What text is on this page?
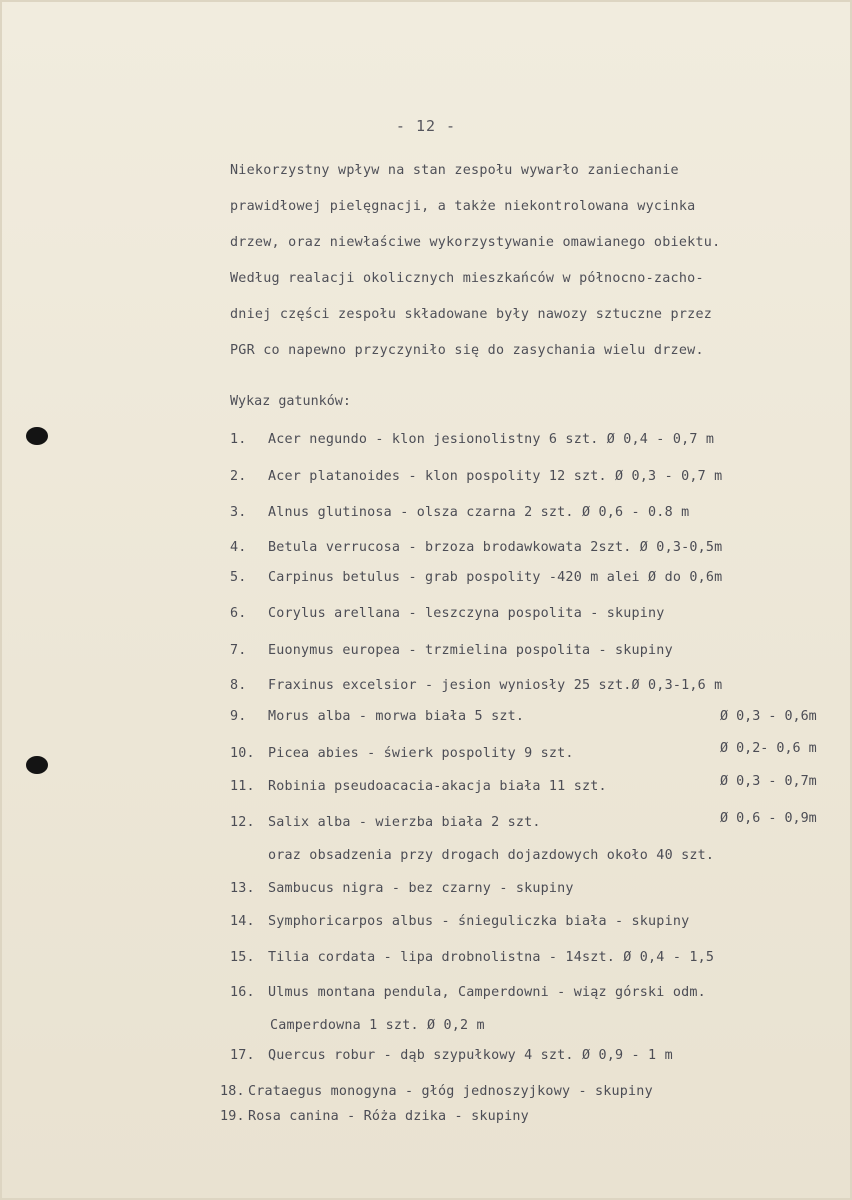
- 12 -
Niekorzystny wpływ na stan zespołu wywarło zaniechanie
prawidłowej pielęgnacji, a także niekontrolowana wycinka
drzew, oraz niewłaściwe wykorzystywanie omawianego obiektu.
Według realacji okolicznych mieszkańców w północno-zacho-
dniej części zespołu składowane były nawozy sztuczne przez
PGR co napewno przyczyniło się do zasychania wielu drzew.
Wykaz gatunków:
1. Acer negundo - klon jesionolistny 6 szt. Ø 0,4 - 0,7 m
2. Acer platanoides - klon pospolity 12 szt. Ø 0,3 - 0,7 m
3. Alnus glutinosa - olsza czarna 2 szt. Ø 0,6 - 0.8 m
4. Betula verrucosa - brzoza brodawkowata 2szt. Ø 0,3-0,5m
5. Carpinus betulus - grab pospolity -420 m alei Ø do 0,6m
6. Corylus arellana - leszczyna pospolita - skupiny
7. Euonymus europea - trzmielina pospolita - skupiny
8. Fraxinus excelsior - jesion wyniosły 25 szt.Ø 0,3-1,6 m
9. Morus alba - morwa biała 5 szt.	Ø 0,3 - 0,6m
10. Picea abies - świerk pospolity 9 szt.	Ø 0,2- 0,6 m
11. Robinia pseudoacacia-akacja biała 11 szt.	Ø 0,3 - 0,7m
12. Salix alba - wierzba biała 2 szt.	Ø 0,6 - 0,9m
oraz obsadzenia przy drogach dojazdowych około 40 szt.
13. Sambucus nigra - bez czarny - skupiny
14. Symphoricarpos albus - śnieguliczka biała - skupiny
15. Tilia cordata - lipa drobnolistna - 14szt. Ø 0,4 - 1,5
16. Ulmus montana pendula, Camperdowni - wiąz górski odm.
Camperdowna 1 szt. Ø 0,2 m
17. Quercus robur - dąb szypułkowy 4 szt. Ø 0,9 - 1 m
18. Crataegus monogyna - głóg jednoszyjkowy - skupiny
19. Rosa canina - Róża dzika - skupiny
